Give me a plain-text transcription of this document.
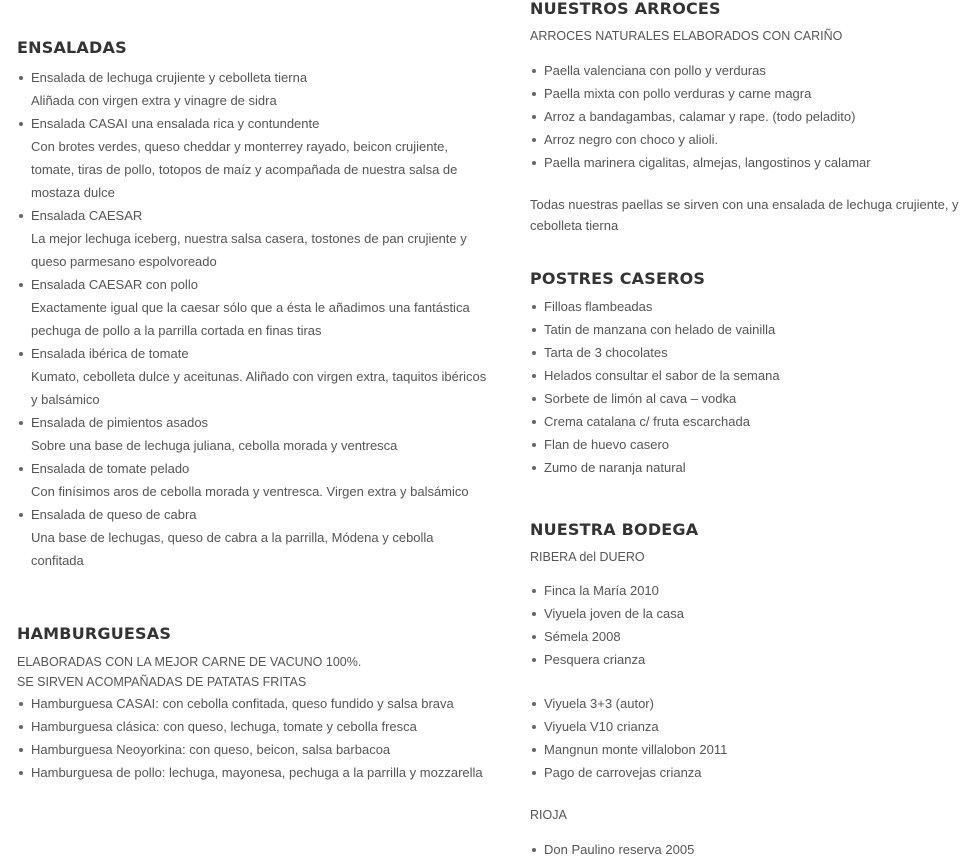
ENSALADAS
Ensalada de lechuga crujiente y cebolleta tierna
Aliñada con virgen extra y vinagre de sidra
Ensalada CASAI una ensalada rica y contundente
Con brotes verdes, queso cheddar y monterrey rayado, beicon crujiente, tomate, tiras de pollo, totopos de maíz y acompañada de nuestra salsa de mostaza dulce
Ensalada CAESAR
La mejor lechuga iceberg, nuestra salsa casera, tostones de pan crujiente y queso parmesano espolvoreado
Ensalada CAESAR con pollo
Exactamente igual que la caesar sólo que a ésta le añadimos una fantástica pechuga de pollo a la parrilla cortada en finas tiras
Ensalada ibérica de tomate
Kumato, cebolleta dulce y aceitunas. Aliñado con virgen extra, taquitos ibéricos y balsámico
Ensalada de pimientos asados
Sobre una base de lechuga juliana, cebolla morada y ventresca
Ensalada de tomate pelado
Con finísimos aros de cebolla morada y ventresca. Virgen extra y balsámico
Ensalada de queso de cabra
Una base de lechugas, queso de cabra a la parrilla, Módena y cebolla confitada
HAMBURGUESAS

ELABORADAS CON LA MEJOR CARNE DE VACUNO 100%.

SE SIRVEN ACOMPAÑADAS DE PATATAS FRITAS

Hamburguesa CASAI: con cebolla confitada, queso fundido y salsa brava
Hamburguesa clásica: con queso, lechuga, tomate y cebolla fresca
Hamburguesa Neoyorkina: con queso, beicon, salsa barbacoa
Hamburguesa de pollo: lechuga, mayonesa, pechuga a la parrilla y mozzarella
NUESTROS ARROCES

ARROCES NATURALES ELABORADOS CON CARIÑO

Paella valenciana con pollo y verduras
Paella mixta con pollo verduras y carne magra
Arroz a bandagambas, calamar y rape. (todo peladito)
Arroz negro con choco y alioli.
Paella marinera cigalitas, almejas, langostinos y calamar

Todas nuestras paellas se sirven con una ensalada de lechuga crujiente, y cebolleta tierna

POSTRES CASEROS
Filloas flambeadas
Tatin de manzana con helado de vainilla
Tarta de 3 chocolates
Helados consultar el sabor de la semana
Sorbete de limón al cava – vodka
Crema catalana c/ fruta escarchada
Flan de huevo casero
Zumo de naranja natural
NUESTRA BODEGA

RIBERA del DUERO

Finca la María 2010
Viyuela joven de la casa
Sémela 2008
Pesquera crianza
Viyuela 3+3 (autor)
Viyuela V10 crianza
Mangnun monte villalobon 2011
Pago de carrovejas crianza

RIOJA

Don Paulino reserva 2005
